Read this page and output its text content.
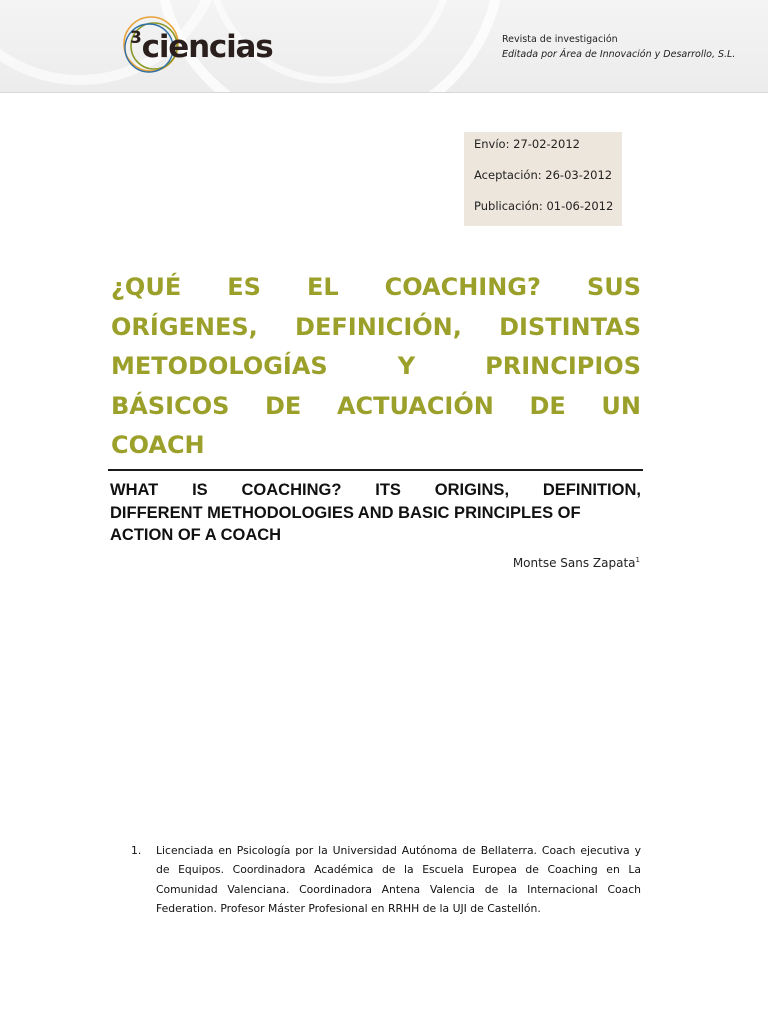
$^3$ciencias	Revista de investigación
Editada por Área de Innovación y Desarrollo, S.L.
Envío: 27-02-2012
Aceptación: 26-03-2012
Publicación: 01-06-2012
¿QUÉ ES EL COACHING? SUS
ORÍGENES, DEFINICIÓN, DISTINTAS
METODOLOGÍAS	Y	PRINCIPIOS
BÁSICOS DE ACTUACIÓN DE UN
COACH
WHAT IS COACHING? ITS ORIGINS, DEFINITION,
DIFFERENT METHODOLOGIES AND BASIC PRINCIPLES OF
ACTION OF A COACH
Montse Sans Zapata$^1$
1. Licenciada en Psicología por la Universidad Autónoma de Bellaterra. Coach ejecutiva y de Equipos. Coordinadora Académica de la Escuela Europea de Coaching en La Comunidad Valenciana. Coordinadora Antena Valencia de la Internacional Coach Federation. Profesor Máster Profesional en RRHH de la UJI de Castellón.
